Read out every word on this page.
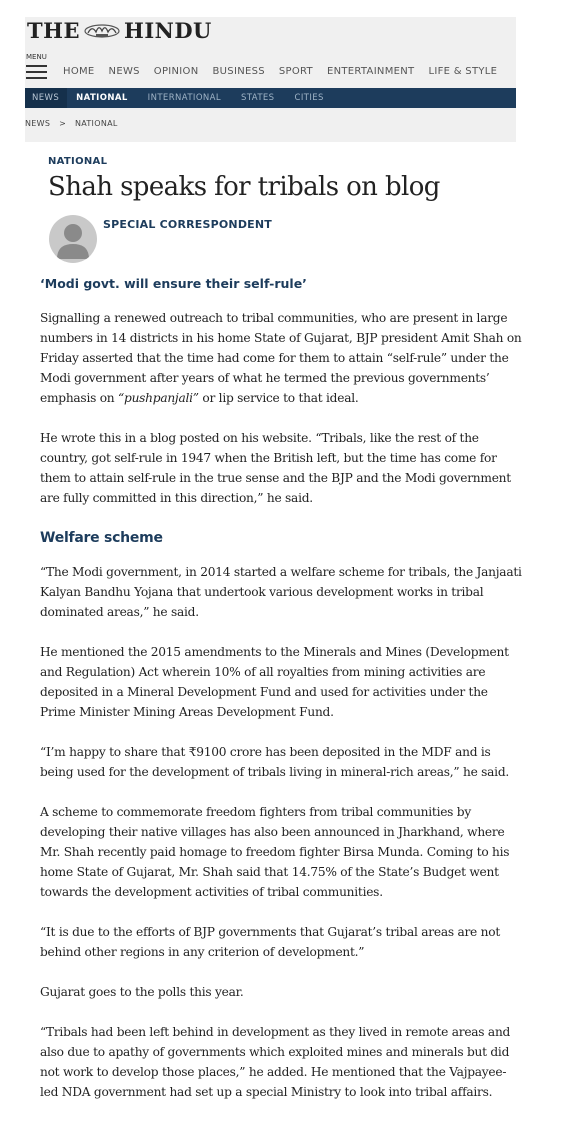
THE HINDU
MENU
HOME NEWS OPINION BUSINESS SPORT ENTERTAINMENT LIFE & STYLE
NEWS	NATIONAL INTERNATIONAL STATES CITIES
NEWS > NATIONAL
NATIONAL
Shah speaks for tribals on blog
SPECIAL CORRESPONDENT
‘Modi govt. will ensure their self-rule’

Signalling a renewed outreach to tribal communities, who are present in large numbers in 14 districts in his home State of Gujarat, BJP president Amit Shah on Friday asserted that the time had come for them to attain “self-rule” under the Modi government after years of what he termed the previous governments’ emphasis on “pushpanjali” or lip service to that ideal.

He wrote this in a blog posted on his website. “Tribals, like the rest of the country, got self-rule in 1947 when the British left, but the time has come for them to attain self-rule in the true sense and the BJP and the Modi government are fully committed in this direction,” he said.

Welfare scheme

“The Modi government, in 2014 started a welfare scheme for tribals, the Janjaati Kalyan Bandhu Yojana that undertook various development works in tribal dominated areas,” he said.

He mentioned the 2015 amendments to the Minerals and Mines (Development and Regulation) Act wherein 10% of all royalties from mining activities are deposited in a Mineral Development Fund and used for activities under the Prime Minister Mining Areas Development Fund.

“I’m happy to share that ₹9100 crore has been deposited in the MDF and is being used for the development of tribals living in mineral-rich areas,” he said.

A scheme to commemorate freedom fighters from tribal communities by developing their native villages has also been announced in Jharkhand, where Mr. Shah recently paid homage to freedom fighter Birsa Munda. Coming to his home State of Gujarat, Mr. Shah said that 14.75% of the State’s Budget went towards the development activities of tribal communities.

“It is due to the efforts of BJP governments that Gujarat’s tribal areas are not behind other regions in any criterion of development.”

Gujarat goes to the polls this year.

“Tribals had been left behind in development as they lived in remote areas and also due to apathy of governments which exploited mines and minerals but did not work to develop those places,” he added. He mentioned that the Vajpayee-led NDA government had set up a special Ministry to look into tribal affairs.
